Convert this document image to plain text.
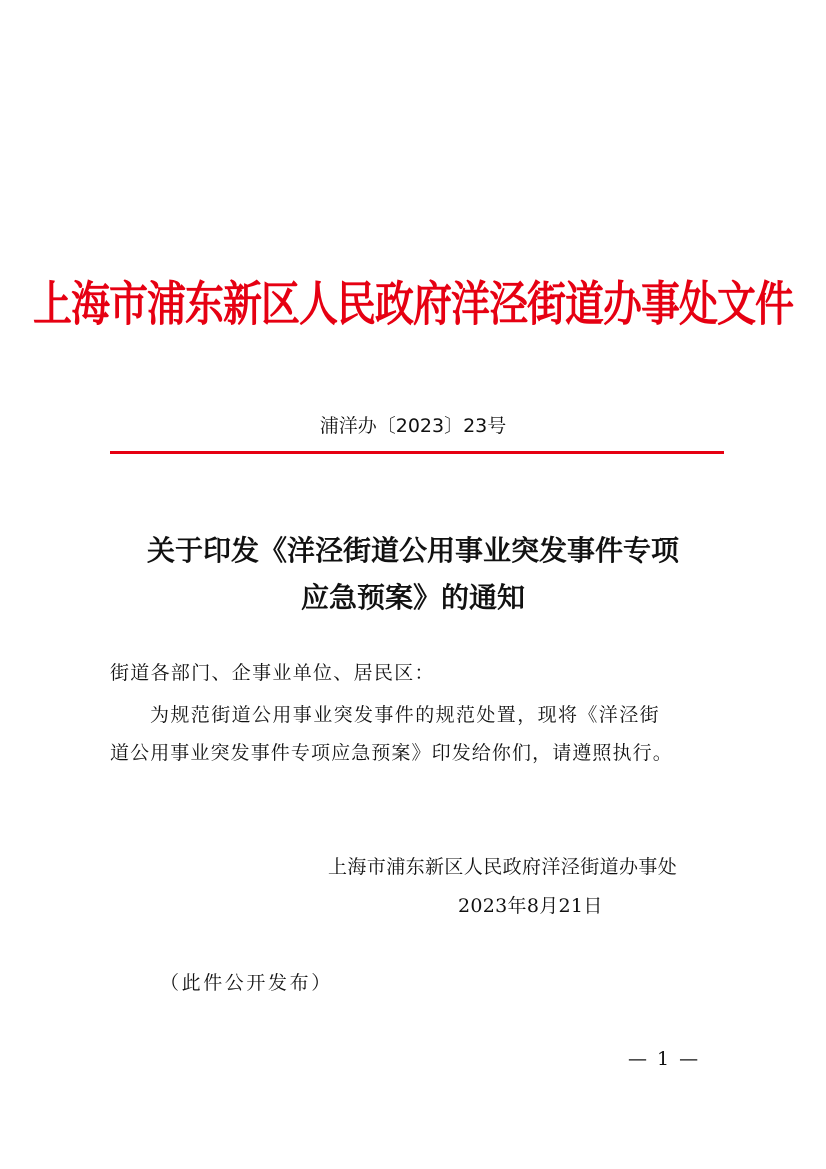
上海市浦东新区人民政府洋泾街道办事处文件
浦洋办〔2023〕23号
关于印发《洋泾街道公用事业突发事件专项
应急预案》的通知
街道各部门、企事业单位、居民区：
为规范街道公用事业突发事件的规范处置，现将《洋泾街
道公用事业突发事件专项应急预案》印发给你们，请遵照执行。
上海市浦东新区人民政府洋泾街道办事处
2023年8月21日
（此件公开发布）
— 1 —
